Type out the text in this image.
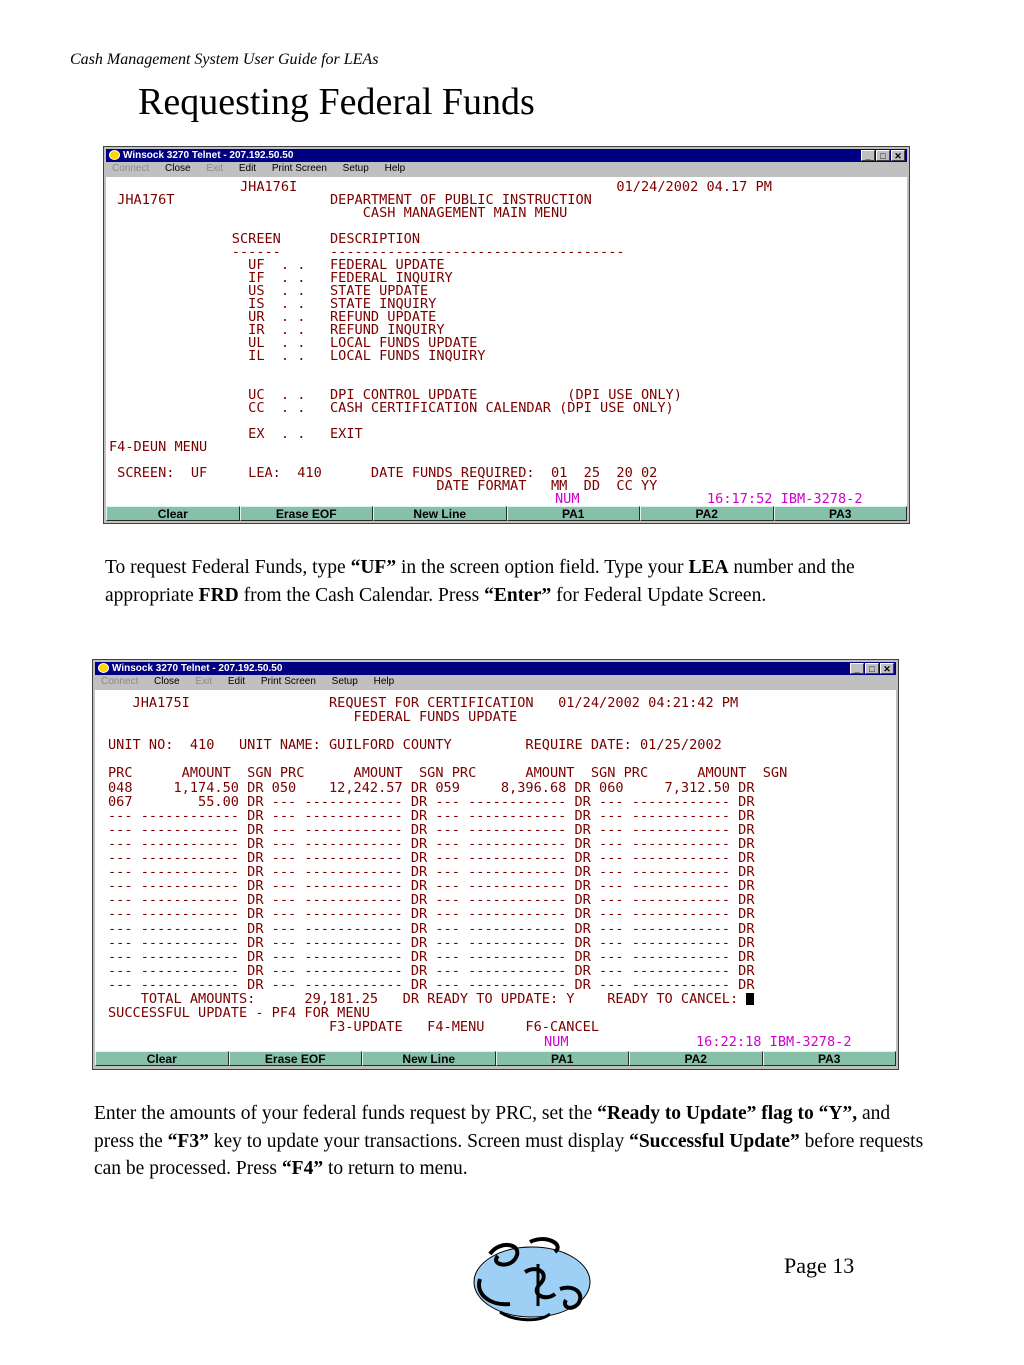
Cash Management System User Guide for LEAs
Requesting Federal Funds
Winsock 3270 Telnet - 207.192.50.50	_ □ ✕
Connect Close Exit Edit Print Screen Setup Help
JHA176I                                       01/24/2002 04.17 PM
JHA176T                   DEPARTMENT OF PUBLIC INSTRUCTION
CASH MANAGEMENT MAIN MENU

SCREEN      DESCRIPTION
------      ------------------------------------
UF  . .   FEDERAL UPDATE
IF  . .   FEDERAL INQUIRY
US  . .   STATE UPDATE
IS  . .   STATE INQUIRY
UR  . .   REFUND UPDATE
IR  . .   REFUND INQUIRY
UL  . .   LOCAL FUNDS UPDATE
IL  . .   LOCAL FUNDS INQUIRY

UC  . .   DPI CONTROL UPDATE           (DPI USE ONLY)
CC  . .   CASH CERTIFICATION CALENDAR (DPI USE ONLY)

EX  . .   EXIT
F4-DEUN MENU

SCREEN:  UF     LEA:  410      DATE FUNDS REQUIRED:  01  25  20 02
DATE FORMAT   MM  DD  CC YY

NUM	16:17:52 IBM-3278-2
Clear	Erase EOF	New Line	PA1	PA2	PA3
To request Federal Funds, type “UF” in the screen option field. Type your LEA number and the appropriate FRD from the Cash Calendar. Press “Enter” for Federal Update Screen.
Winsock 3270 Telnet - 207.192.50.50	_ □ ✕
Connect Close Exit Edit Print Screen Setup Help
JHA175I                 REQUEST FOR CERTIFICATION   01/24/2002 04:21:42 PM
FEDERAL FUNDS UPDATE

UNIT NO:  410   UNIT NAME: GUILFORD COUNTY         REQUIRE DATE: 01/25/2002

PRC      AMOUNT  SGN PRC      AMOUNT  SGN PRC      AMOUNT  SGN PRC      AMOUNT  SGN
048     1,174.50 DR 050    12,242.57 DR 059     8,396.68 DR 060     7,312.50 DR
067        55.00 DR --- ------------ DR --- ------------ DR --- ------------ DR
--- ------------ DR --- ------------ DR --- ------------ DR --- ------------ DR
--- ------------ DR --- ------------ DR --- ------------ DR --- ------------ DR
--- ------------ DR --- ------------ DR --- ------------ DR --- ------------ DR
--- ------------ DR --- ------------ DR --- ------------ DR --- ------------ DR
--- ------------ DR --- ------------ DR --- ------------ DR --- ------------ DR
--- ------------ DR --- ------------ DR --- ------------ DR --- ------------ DR
--- ------------ DR --- ------------ DR --- ------------ DR --- ------------ DR
--- ------------ DR --- ------------ DR --- ------------ DR --- ------------ DR
--- ------------ DR --- ------------ DR --- ------------ DR --- ------------ DR
--- ------------ DR --- ------------ DR --- ------------ DR --- ------------ DR
--- ------------ DR --- ------------ DR --- ------------ DR --- ------------ DR
--- ------------ DR --- ------------ DR --- ------------ DR --- ------------ DR
--- ------------ DR --- ------------ DR --- ------------ DR --- ------------ DR
TOTAL AMOUNTS:      29,181.25   DR READY TO UPDATE: Y    READY TO CANCEL:
SUCCESSFUL UPDATE - PF4 FOR MENU
F3-UPDATE   F4-MENU     F6-CANCEL

NUM	16:22:18 IBM-3278-2
Clear	Erase EOF	New Line	PA1	PA2	PA3
Enter the amounts of your federal funds request by PRC, set the “Ready to Update” flag to “Y”, and press the “F3” key to update your transactions. Screen must display “Successful Update” before requests can be processed. Press “F4” to return to menu.
Page 13
